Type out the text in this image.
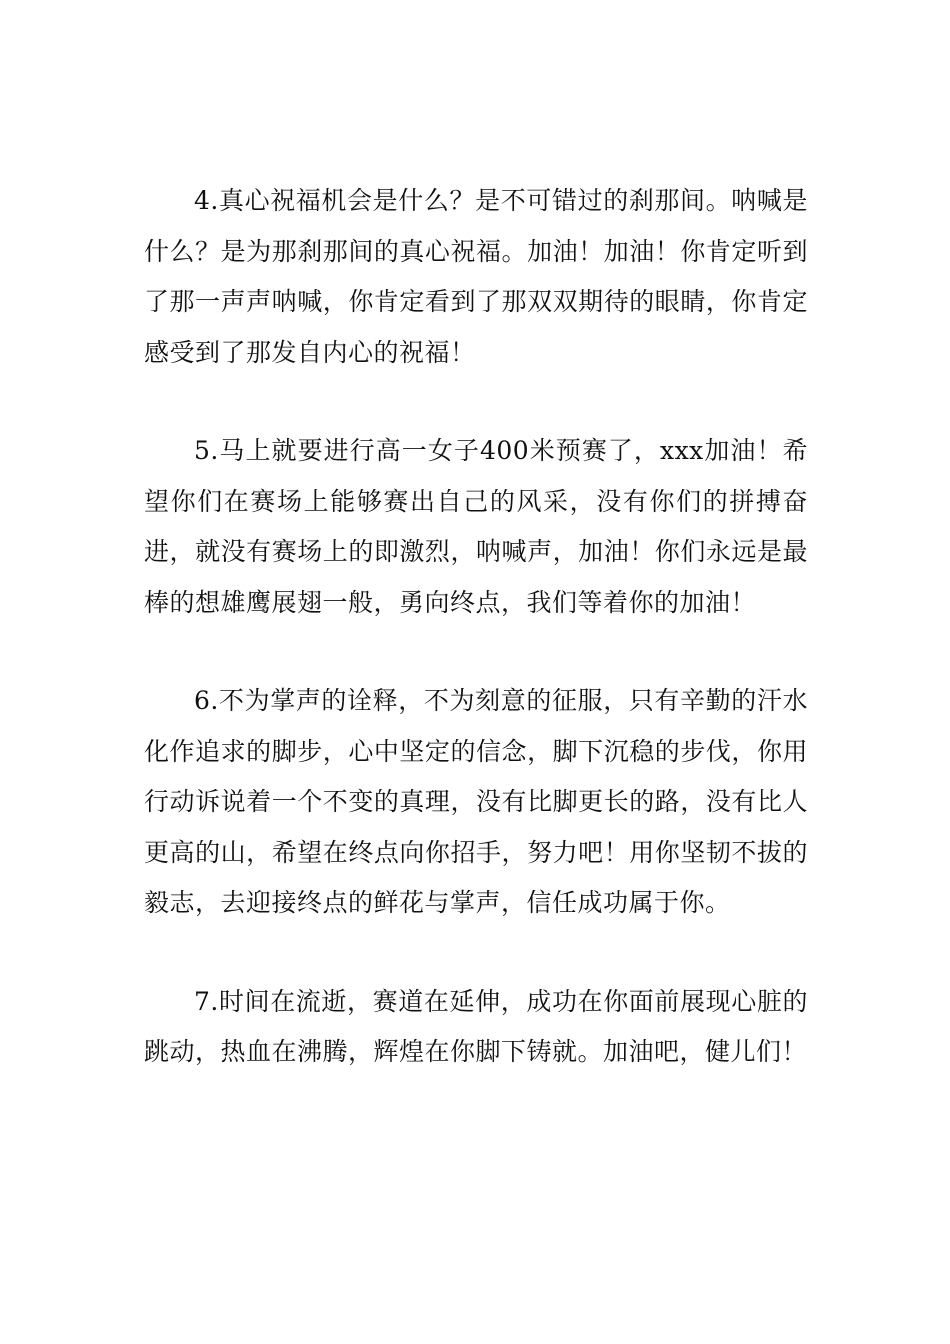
4.真心祝福机会是什么？是不可错过的刹那间。呐喊是什么？是为那刹那间的真心祝福。加油！加油！你肯定听到了那一声声呐喊，你肯定看到了那双双期待的眼睛，你肯定感受到了那发自内心的祝福！

5.马上就要进行高一女子400米预赛了，xxx加油！希望你们在赛场上能够赛出自己的风采，没有你们的拼搏奋进，就没有赛场上的即激烈，呐喊声，加油！你们永远是最棒的想雄鹰展翅一般，勇向终点，我们等着你的加油！

6.不为掌声的诠释，不为刻意的征服，只有辛勤的汗水化作追求的脚步，心中坚定的信念，脚下沉稳的步伐，你用行动诉说着一个不变的真理，没有比脚更长的路，没有比人更高的山，希望在终点向你招手，努力吧！用你坚韧不拔的毅志，去迎接终点的鲜花与掌声，信任成功属于你。

7.时间在流逝，赛道在延伸，成功在你面前展现心脏的跳动，热血在沸腾，辉煌在你脚下铸就。加油吧，健儿们！
